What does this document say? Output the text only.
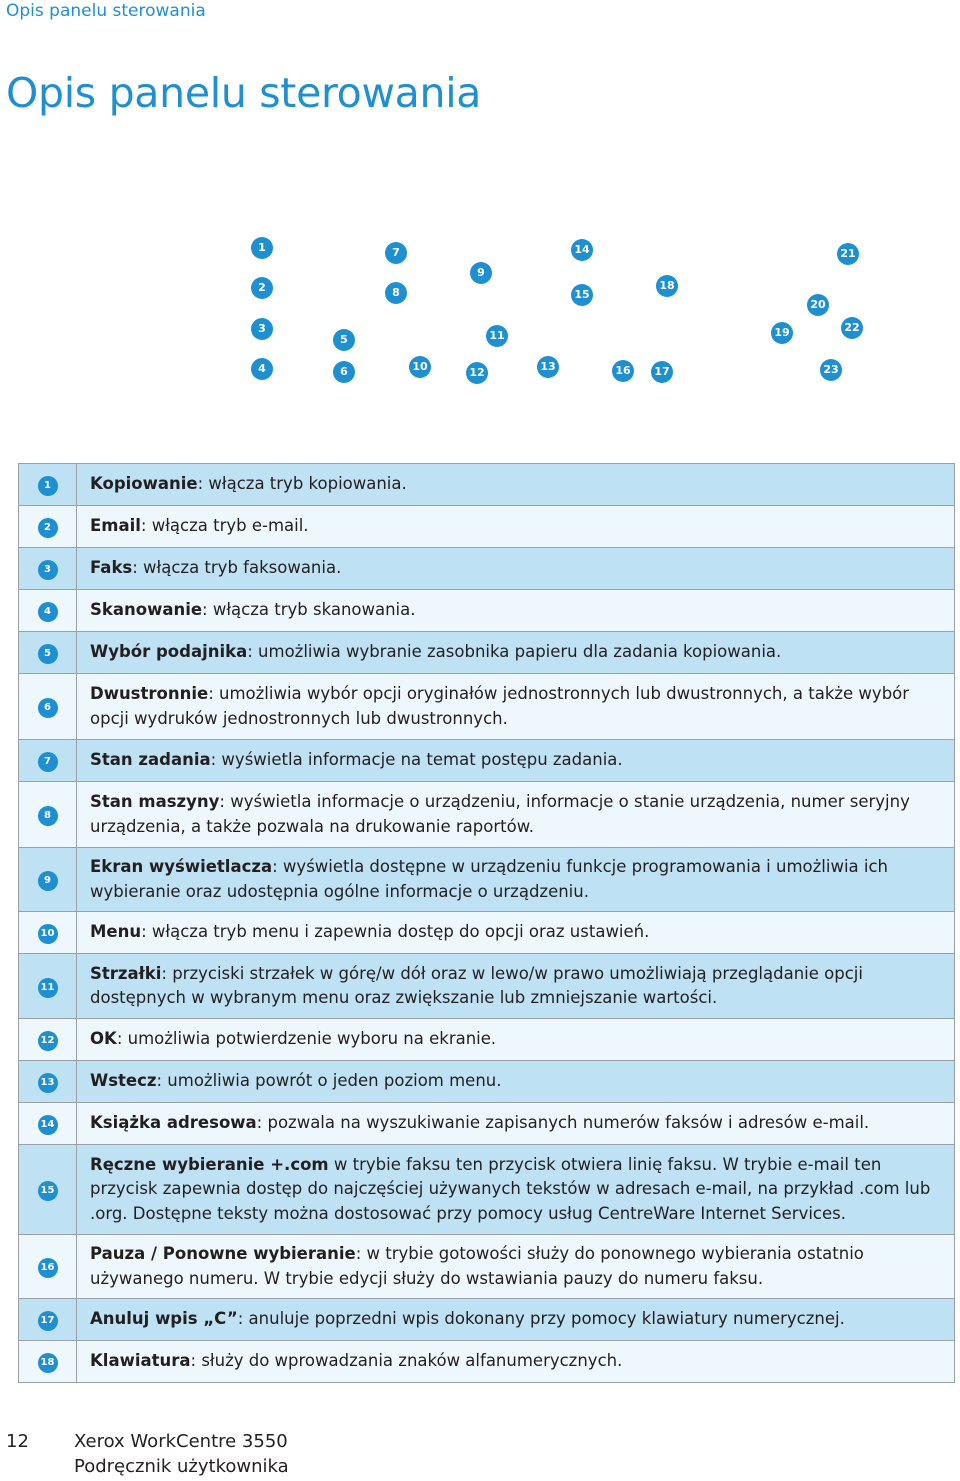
Opis panelu sterowania
Opis panelu sterowania
1
2
3
4
5
6
7
8
9
10
11
12	13
14
15
16	17
18
19
20
21
22
23
1	Kopiowanie: włącza tryb kopiowania.
2	Email: włącza tryb e-mail.
3	Faks: włącza tryb faksowania.
4	Skanowanie: włącza tryb skanowania.
5	Wybór podajnika: umożliwia wybranie zasobnika papieru dla zadania kopiowania.
6	Dwustronnie: umożliwia wybór opcji oryginałów jednostronnych lub dwustronnych, a także wybór opcji wydruków jednostronnych lub dwustronnych.
7	Stan zadania: wyświetla informacje na temat postępu zadania.
8	Stan maszyny: wyświetla informacje o urządzeniu, informacje o stanie urządzenia, numer seryjny urządzenia, a także pozwala na drukowanie raportów.
9	Ekran wyświetlacza: wyświetla dostępne w urządzeniu funkcje programowania i umożliwia ich wybieranie oraz udostępnia ogólne informacje o urządzeniu.
10	Menu: włącza tryb menu i zapewnia dostęp do opcji oraz ustawień.
11	Strzałki: przyciski strzałek w górę/w dół oraz w lewo/w prawo umożliwiają przeglądanie opcji dostępnych w wybranym menu oraz zwiększanie lub zmniejszanie wartości.
12	OK: umożliwia potwierdzenie wyboru na ekranie.
13	Wstecz: umożliwia powrót o jeden poziom menu.
14	Książka adresowa: pozwala na wyszukiwanie zapisanych numerów faksów i adresów e-mail.
15	Ręczne wybieranie +.com w trybie faksu ten przycisk otwiera linię faksu. W trybie e-mail ten przycisk zapewnia dostęp do najczęściej używanych tekstów w adresach e-mail, na przykład .com lub .org. Dostępne teksty można dostosować przy pomocy usług CentreWare Internet Services.
16	Pauza / Ponowne wybieranie: w trybie gotowości służy do ponownego wybierania ostatnio używanego numeru. W trybie edycji służy do wstawiania pauzy do numeru faksu.
17	Anuluj wpis „C”: anuluje poprzedni wpis dokonany przy pomocy klawiatury numerycznej.
18	Klawiatura: służy do wprowadzania znaków alfanumerycznych.
12	Xerox WorkCentre 3550
Podręcznik użytkownika
